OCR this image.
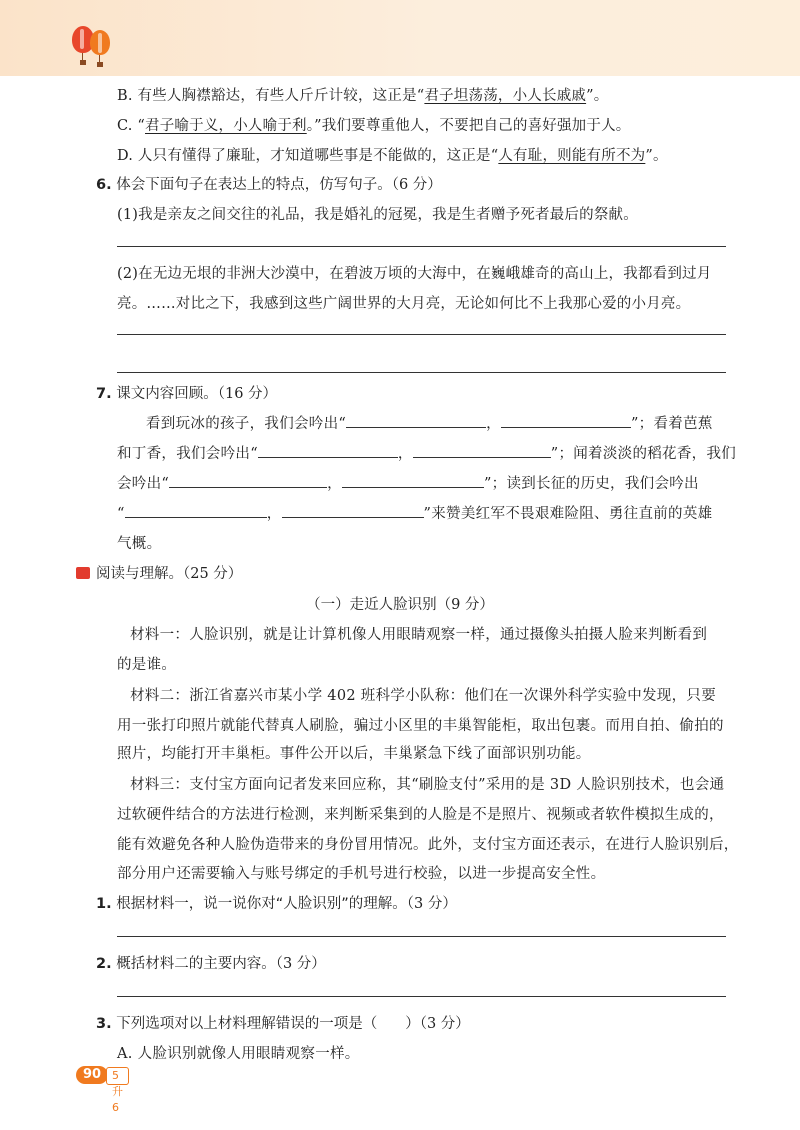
B. 有些人胸襟豁达，有些人斤斤计较，这正是“君子坦荡荡，小人长戚戚”。
C. “君子喻于义，小人喻于利。”我们要尊重他人，不要把自己的喜好强加于人。
D. 人只有懂得了廉耻，才知道哪些事是不能做的，这正是“人有耻，则能有所不为”。
6. 体会下面句子在表达上的特点，仿写句子。（6 分）
(1)我是亲友之间交往的礼品，我是婚礼的冠冕，我是生者赠予死者最后的祭献。
(2)在无边无垠的非洲大沙漠中，在碧波万顷的大海中，在巍峨雄奇的高山上，我都看到过月
亮。……对比之下，我感到这些广阔世界的大月亮，无论如何比不上我那心爱的小月亮。
7. 课文内容回顾。（16 分）
看到玩冰的孩子，我们会吟出“	，	”；看着芭蕉
和丁香，我们会吟出“	，	”；闻着淡淡的稻花香，我们
会吟出“	，	”；读到长征的历史，我们会吟出
“	，	”来赞美红军不畏艰难险阻、勇往直前的英雄
气概。
阅读与理解。（25 分）
（一）走近人脸识别（9 分）
材料一：人脸识别，就是让计算机像人用眼睛观察一样，通过摄像头拍摄人脸来判断看到
的是谁。
材料二：浙江省嘉兴市某小学 402 班科学小队称：他们在一次课外科学实验中发现，只要
用一张打印照片就能代替真人刷脸，骗过小区里的丰巢智能柜，取出包裹。而用自拍、偷拍的
照片，均能打开丰巢柜。事件公开以后，丰巢紧急下线了面部识别功能。
材料三：支付宝方面向记者发来回应称，其“刷脸支付”采用的是 3D 人脸识别技术，也会通
过软硬件结合的方法进行检测，来判断采集到的人脸是不是照片、视频或者软件模拟生成的，
能有效避免各种人脸伪造带来的身份冒用情况。此外，支付宝方面还表示，在进行人脸识别后，
部分用户还需要输入与账号绑定的手机号进行校验，以进一步提高安全性。
1. 根据材料一，说一说你对“人脸识别”的理解。（3 分）
2. 概括材料二的主要内容。（3 分）
3. 下列选项对以上材料理解错误的一项是（ ）（3 分）
A. 人脸识别就像人用眼睛观察一样。
90 5升6
